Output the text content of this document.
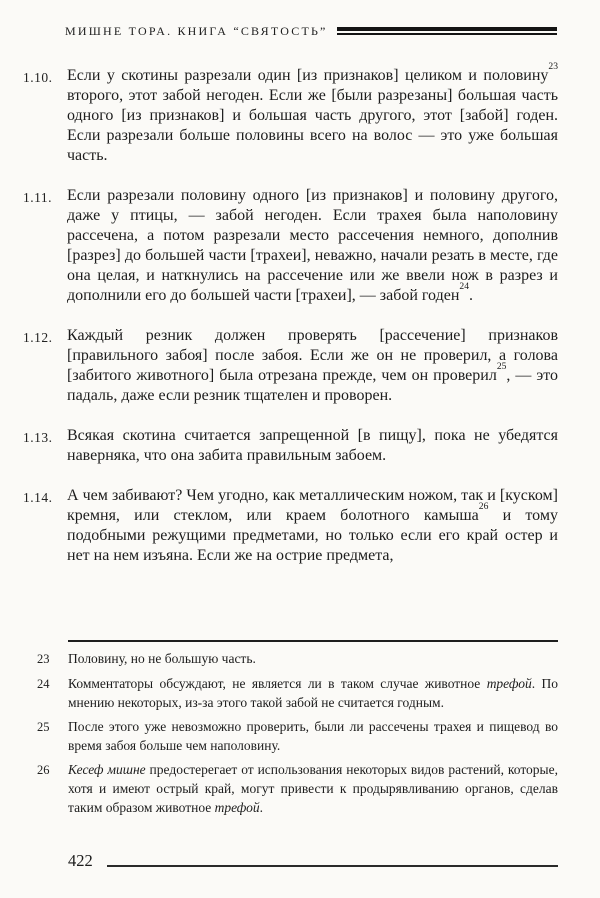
МИШНЕ ТОРА. КНИГА “СВЯТОСТЬ”
1.10. Если у скотины разрезали один [из признаков] целиком и половину$^{23}$ второго, этот забой негоден. Если же [были разрезаны] большая часть одного [из признаков] и большая часть другого, этот [забой] годен. Если разрезали больше половины всего на волос — это уже большая часть.
1.11. Если разрезали половину одного [из признаков] и половину другого, даже у птицы, — забой негоден. Если трахея была наполовину рассечена, а потом разрезали место рассечения немного, дополнив [разрез] до большей части [трахеи], неважно, начали резать в месте, где она целая, и наткнулись на рассечение или же ввели нож в разрез и дополнили его до большей части [трахеи], — забой годен$^{24}$.
1.12. Каждый резник должен проверять [рассечение] признаков [правильного забоя] после забоя. Если же он не проверил, а голова [забитого животного] была отрезана прежде, чем он проверил$^{25}$, — это падаль, даже если резник тщателен и проворен.
1.13. Всякая скотина считается запрещенной [в пищу], пока не убедятся наверняка, что она забита правильным забоем.
1.14. А чем забивают? Чем угодно, как металлическим ножом, так и [куском] кремня, или стеклом, или краем болотного камыша$^{26}$ и тому подобными режущими предметами, но только если его край остер и нет на нем изъяна. Если же на острие предмета,
23	Половину, но не большую часть.
24	Комментаторы обсуждают, не является ли в таком случае животное трефой. По мнению некоторых, из-за этого такой забой не считается годным.
25	После этого уже невозможно проверить, были ли рассечены трахея и пищевод во время забоя больше чем наполовину.
26	Кесеф мишне предостерегает от использования некоторых видов растений, которые, хотя и имеют острый край, могут привести к продырявливанию органов, сделав таким образом животное трефой.
422
